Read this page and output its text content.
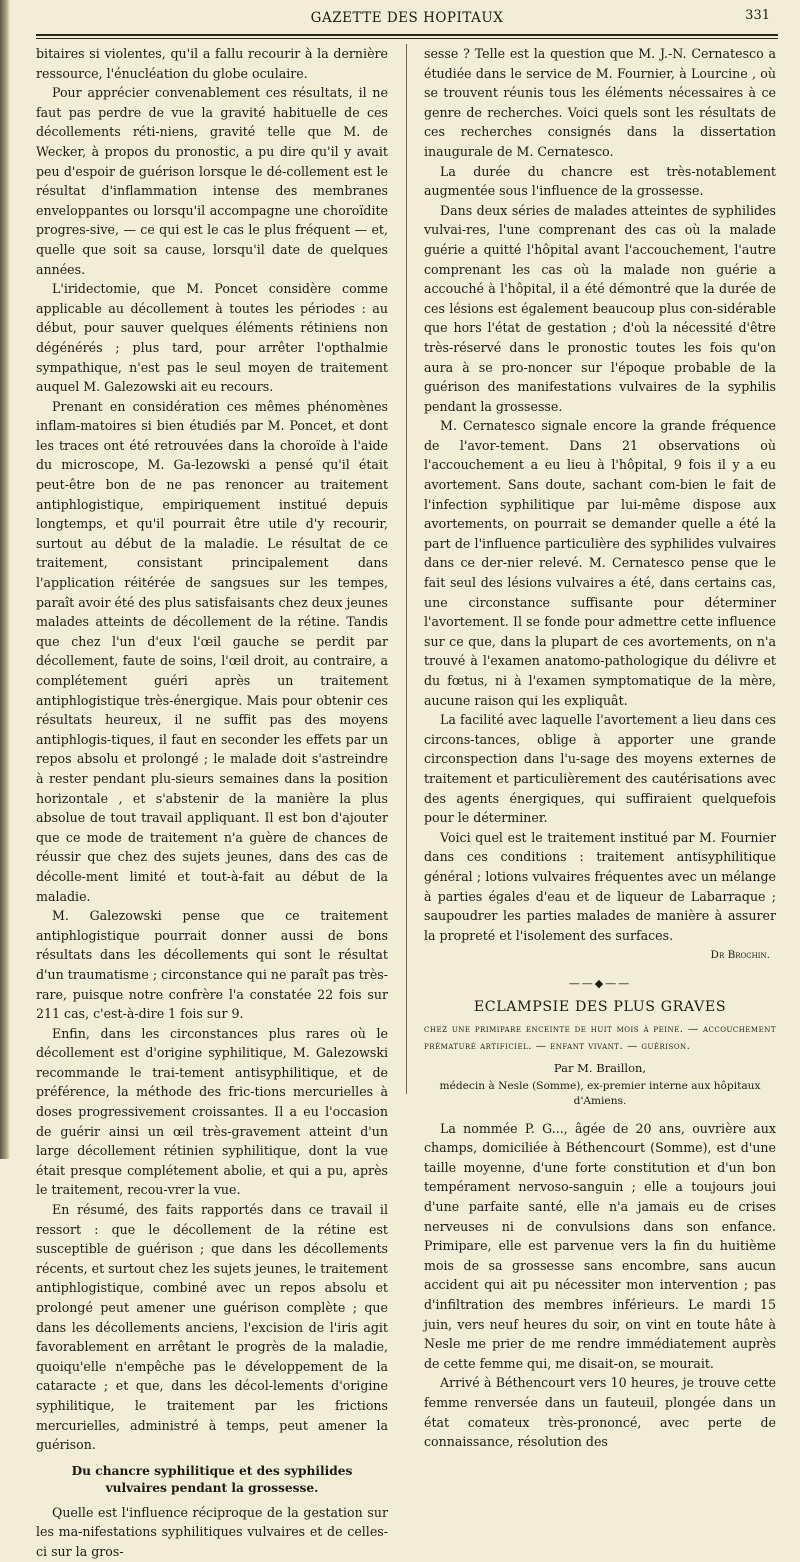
GAZETTE DES HOPITAUX	331

bitaires si violentes, qu'il a fallu recourir à la dernière ressource, l'énucléation du globe oculaire.

Pour apprécier convenablement ces résultats, il ne faut pas perdre de vue la gravité habituelle de ces décollements réti-niens, gravité telle que M. de Wecker, à propos du pronostic, a pu dire qu'il y avait peu d'espoir de guérison lorsque le dé-collement est le résultat d'inflammation intense des membranes enveloppantes ou lorsqu'il accompagne une choroïdite progres-sive, — ce qui est le cas le plus fréquent — et, quelle que soit sa cause, lorsqu'il date de quelques années.

L'iridectomie, que M. Poncet considère comme applicable au décollement à toutes les périodes : au début, pour sauver quelques éléments rétiniens non dégénérés ; plus tard, pour arrêter l'opthalmie sympathique, n'est pas le seul moyen de traitement auquel M. Galezowski ait eu recours.

Prenant en considération ces mêmes phénomènes inflam-matoires si bien étudiés par M. Poncet, et dont les traces ont été retrouvées dans la choroïde à l'aide du microscope, M. Ga-lezowski a pensé qu'il était peut-être bon de ne pas renoncer au traitement antiphlogistique, empiriquement institué depuis longtemps, et qu'il pourrait être utile d'y recourir, surtout au début de la maladie. Le résultat de ce traitement, consistant principalement dans l'application réitérée de sangsues sur les tempes, paraît avoir été des plus satisfaisants chez deux jeunes malades atteints de décollement de la rétine. Tandis que chez l'un d'eux l'œil gauche se perdit par décollement, faute de soins, l'œil droit, au contraire, a complétement guéri après un traitement antiphlogistique très-énergique. Mais pour obtenir ces résultats heureux, il ne suffit pas des moyens antiphlogis-tiques, il faut en seconder les effets par un repos absolu et prolongé ; le malade doit s'astreindre à rester pendant plu-sieurs semaines dans la position horizontale , et s'abstenir de la manière la plus absolue de tout travail appliquant. Il est bon d'ajouter que ce mode de traitement n'a guère de chances de réussir que chez des sujets jeunes, dans des cas de décolle-ment limité et tout-à-fait au début de la maladie.

M. Galezowski pense que ce traitement antiphlogistique pourrait donner aussi de bons résultats dans les décollements qui sont le résultat d'un traumatisme ; circonstance qui ne paraît pas très-rare, puisque notre confrère l'a constatée 22 fois sur 211 cas, c'est-à-dire 1 fois sur 9.

Enfin, dans les circonstances plus rares où le décollement est d'origine syphilitique, M. Galezowski recommande le trai-tement antisyphilitique, et de préférence, la méthode des fric-tions mercurielles à doses progressivement croissantes. Il a eu l'occasion de guérir ainsi un œil très-gravement atteint d'un large décollement rétinien syphilitique, dont la vue était presque complétement abolie, et qui a pu, après le traitement, recou-vrer la vue.

En résumé, des faits rapportés dans ce travail il ressort : que le décollement de la rétine est susceptible de guérison ; que dans les décollements récents, et surtout chez les sujets jeunes, le traitement antiphlogistique, combiné avec un repos absolu et prolongé peut amener une guérison complète ; que dans les décollements anciens, l'excision de l'iris agit favorablement en arrêtant le progrès de la maladie, quoiqu'elle n'empêche pas le développement de la cataracte ; et que, dans les décol-lements d'origine syphilitique, le traitement par les frictions mercurielles, administré à temps, peut amener la guérison.

Du chancre syphilitique et des syphilides vulvaires pendant la grossesse.

Quelle est l'influence réciproque de la gestation sur les ma-nifestations syphilitiques vulvaires et de celles-ci sur la gros-

sesse ? Telle est la question que M. J.-N. Cernatesco a étudiée dans le service de M. Fournier, à Lourcine , où se trouvent réunis tous les éléments nécessaires à ce genre de recherches. Voici quels sont les résultats de ces recherches consignés dans la dissertation inaugurale de M. Cernatesco.

La durée du chancre est très-notablement augmentée sous l'influence de la grossesse.

Dans deux séries de malades atteintes de syphilides vulvai-res, l'une comprenant des cas où la malade guérie a quitté l'hôpital avant l'accouchement, l'autre comprenant les cas où la malade non guérie a accouché à l'hôpital, il a été démontré que la durée de ces lésions est également beaucoup plus con-sidérable que hors l'état de gestation ; d'où la nécessité d'être très-réservé dans le pronostic toutes les fois qu'on aura à se pro-noncer sur l'époque probable de la guérison des manifestations vulvaires de la syphilis pendant la grossesse.

M. Cernatesco signale encore la grande fréquence de l'avor-tement. Dans 21 observations où l'accouchement a eu lieu à l'hôpital, 9 fois il y a eu avortement. Sans doute, sachant com-bien le fait de l'infection syphilitique par lui-même dispose aux avortements, on pourrait se demander quelle a été la part de l'influence particulière des syphilides vulvaires dans ce der-nier relevé. M. Cernatesco pense que le fait seul des lésions vulvaires a été, dans certains cas, une circonstance suffisante pour déterminer l'avortement. Il se fonde pour admettre cette influence sur ce que, dans la plupart de ces avortements, on n'a trouvé à l'examen anatomo-pathologique du délivre et du fœtus, ni à l'examen symptomatique de la mère, aucune raison qui les expliquât.

La facilité avec laquelle l'avortement a lieu dans ces circons-tances, oblige à apporter une grande circonspection dans l'u-sage des moyens externes de traitement et particulièrement des cautérisations avec des agents énergiques, qui suffiraient quelquefois pour le déterminer.

Voici quel est le traitement institué par M. Fournier dans ces conditions : traitement antisyphilitique général ; lotions vulvaires fréquentes avec un mélange à parties égales d'eau et de liqueur de Labarraque ; saupoudrer les parties malades de manière à assurer la propreté et l'isolement des surfaces.

Dr Brochin.
——◆——
ECLAMPSIE DES PLUS GRAVES
chez une primipare enceinte de huit mois à peine. — accouchement prématuré artificiel. — enfant vivant. — guérison.
Par M. Braillon,
médecin à Nesle (Somme), ex-premier interne aux hôpitaux d'Amiens.

La nommée P. G..., âgée de 20 ans, ouvrière aux champs, domiciliée à Béthencourt (Somme), est d'une taille moyenne, d'une forte constitution et d'un bon tempérament nervoso-sanguin ; elle a toujours joui d'une parfaite santé, elle n'a jamais eu de crises nerveuses ni de convulsions dans son enfance. Primipare, elle est parvenue vers la fin du huitième mois de sa grossesse sans encombre, sans aucun accident qui ait pu nécessiter mon intervention ; pas d'infiltration des membres inférieurs. Le mardi 15 juin, vers neuf heures du soir, on vint en toute hâte à Nesle me prier de me rendre immédiatement auprès de cette femme qui, me disait-on, se mourait.

Arrivé à Béthencourt vers 10 heures, je trouve cette femme renversée dans un fauteuil, plongée dans un état comateux très-prononcé, avec perte de connaissance, résolution des
